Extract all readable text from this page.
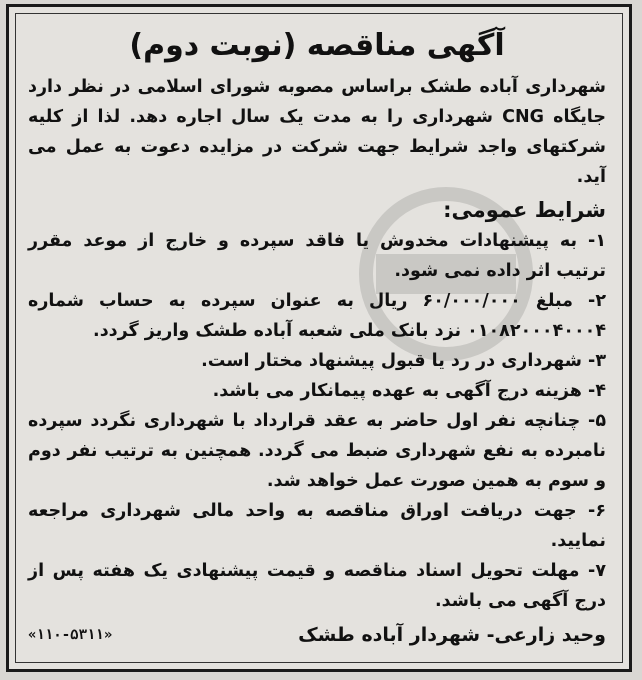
آگهی مناقصه (نوبت دوم)

شهرداری آباده طشک براساس مصوبه شورای اسلامی در نظر دارد جایگاه CNG شهرداری را به مدت یک سال اجاره دهد. لذا از کلیه شرکتهای واجد شرایط جهت شرکت در مزایده دعوت به عمل می آید.

شرایط عمومی:

۱- به پیشنهادات مخدوش یا فاقد سپرده و خارج از موعد مقرر ترتیب اثر داده نمی شود.

۲- مبلغ ۶۰/۰۰۰/۰۰۰ ریال به عنوان سپرده به حساب شماره ۰۱۰۸۲۰۰۰۴۰۰۰۴ نزد بانک ملی شعبه آباده طشک واریز گردد.

۳- شهرداری در رد یا قبول پیشنهاد مختار است.

۴- هزینه درج آگهی به عهده پیمانکار می باشد.

۵- چنانچه نفر اول حاضر به عقد قرارداد با شهرداری نگردد سپرده نامبرده به نفع شهرداری ضبط می گردد. همچنین به ترتیب نفر دوم و سوم به همین صورت عمل خواهد شد.

۶- جهت دریافت اوراق مناقصه به واحد مالی شهرداری مراجعه نمایید.

۷- مهلت تحویل اسناد مناقصه و قیمت پیشنهادی یک هفته پس از درج آگهی می باشد.

وحید زارعی- شهردار آباده طشک
«۱۱۰-۵۳۱۱»
